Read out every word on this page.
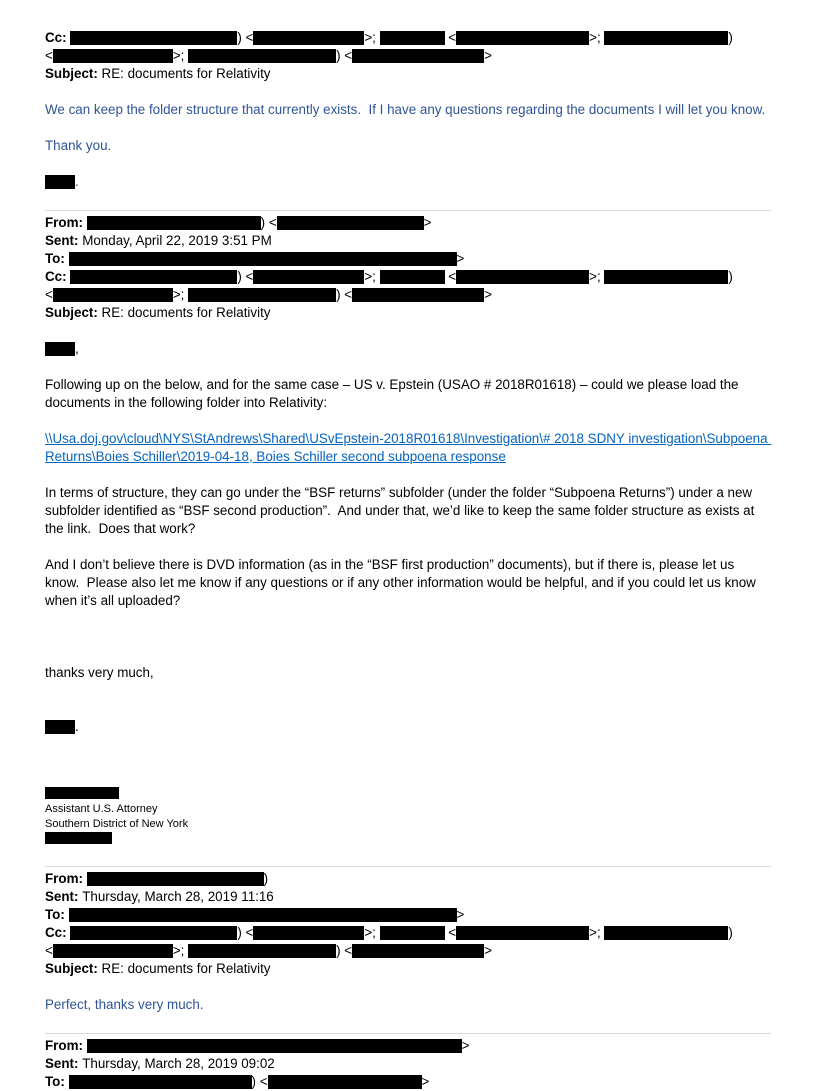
Cc:	) <	>;	<	>;	)
<	>;	) <	>
Subject: RE: documents for Relativity
We can keep the folder structure that currently exists.  If I have any questions regarding the documents I will let you know.
Thank you.
.
From:	) <	>
Sent: Monday, April 22, 2019 3:51 PM
To:	>
Cc:	) <	>;	<	>;	)
<	>;	) <	>
Subject: RE: documents for Relativity
,
Following up on the below, and for the same case – US v. Epstein (USAO # 2018R01618) – could we please load the documents in the following folder into Relativity:
\\Usa.doj.gov\cloud\NYS\StAndrews\Shared\USvEpstein-2018R01618\Investigation\# 2018 SDNY investigation\Subpoena Returns\Boies Schiller\2019-04-18, Boies Schiller second subpoena response
In terms of structure, they can go under the “BSF returns” subfolder (under the folder “Subpoena Returns”) under a new subfolder identified as “BSF second production”.  And under that, we’d like to keep the same folder structure as exists at the link.  Does that work?
And I don’t believe there is DVD information (as in the “BSF first production” documents), but if there is, please let us know.  Please also let me know if any questions or if any other information would be helpful, and if you could let us know when it’s all uploaded?

thanks very much,

.

Assistant U.S. Attorney
Southern District of New York
From:	)
Sent: Thursday, March 28, 2019 11:16
To:	>
Cc:	) <	>;	<	>;	)
<	>;	) <	>
Subject: RE: documents for Relativity
Perfect, thanks very much.
From:	>
Sent: Thursday, March 28, 2019 09:02
To:	) <	>
